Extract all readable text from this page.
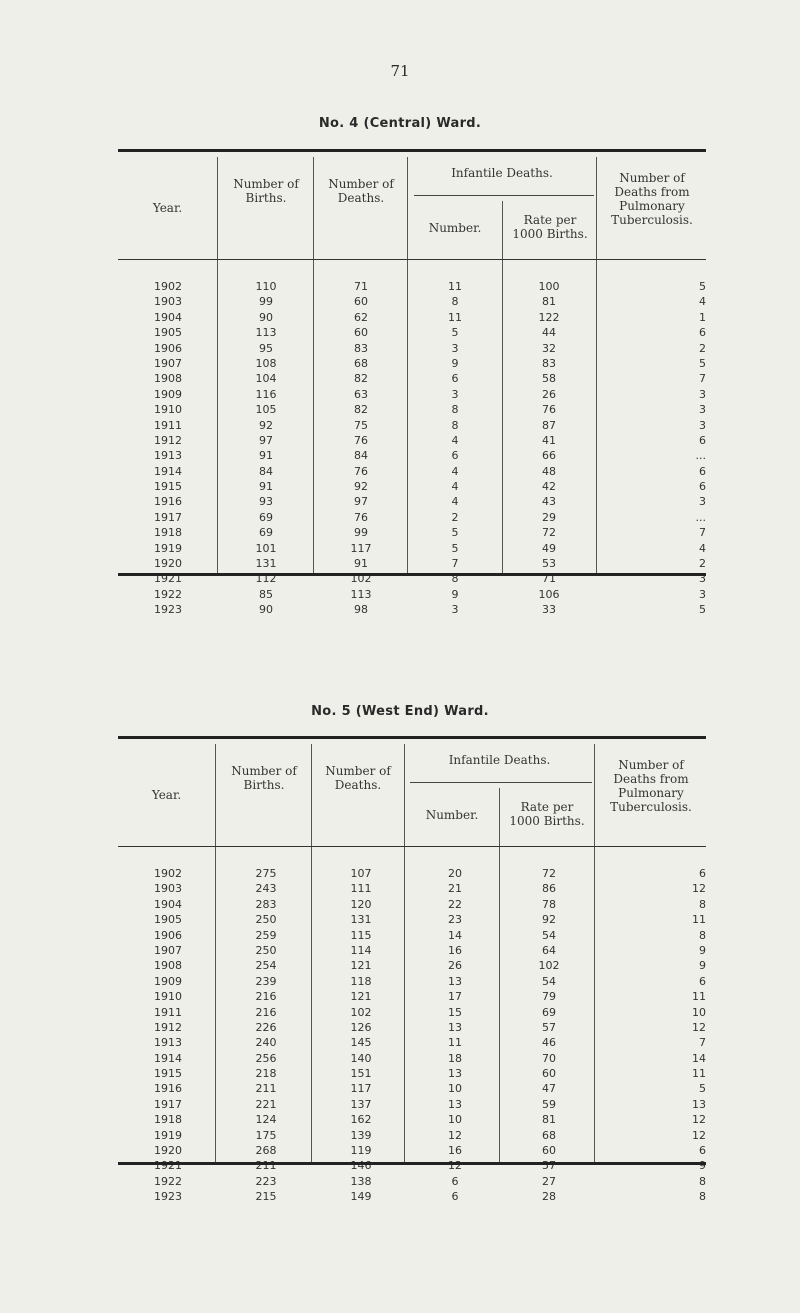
71
No. 4 (Central) Ward.
Year.
Number of Births.
Number of Deaths.
Infantile Deaths.
Number.
Rate per 1000 Births.
Number of Deaths from Pulmonary Tuberculosis.
1902	110	71	11	100	5
1903	99	60	8	81	4
1904	90	62	11	122	1
1905	113	60	5	44	6
1906	95	83	3	32	2
1907	108	68	9	83	5
1908	104	82	6	58	7
1909	116	63	3	26	3
1910	105	82	8	76	3
1911	92	75	8	87	3
1912	97	76	4	41	6
1913	91	84	6	66	...
1914	84	76	4	48	6
1915	91	92	4	42	6
1916	93	97	4	43	3
1917	69	76	2	29	...
1918	69	99	5	72	7
1919	101	117	5	49	4
1920	131	91	7	53	2
1921	112	102	8	71	3
1922	85	113	9	106	3
1923	90	98	3	33	5
No. 5 (West End) Ward.
Year.
Number of Births.
Number of Deaths.
Infantile Deaths.
Number.
Rate per 1000 Births.
Number of Deaths from Pulmonary Tuberculosis.
1902	275	107	20	72	6
1903	243	111	21	86	12
1904	283	120	22	78	8
1905	250	131	23	92	11
1906	259	115	14	54	8
1907	250	114	16	64	9
1908	254	121	26	102	9
1909	239	118	13	54	6
1910	216	121	17	79	11
1911	216	102	15	69	10
1912	226	126	13	57	12
1913	240	145	11	46	7
1914	256	140	18	70	14
1915	218	151	13	60	11
1916	211	117	10	47	5
1917	221	137	13	59	13
1918	124	162	10	81	12
1919	175	139	12	68	12
1920	268	119	16	60	6
1921	211	146	12	57	9
1922	223	138	6	27	8
1923	215	149	6	28	8
